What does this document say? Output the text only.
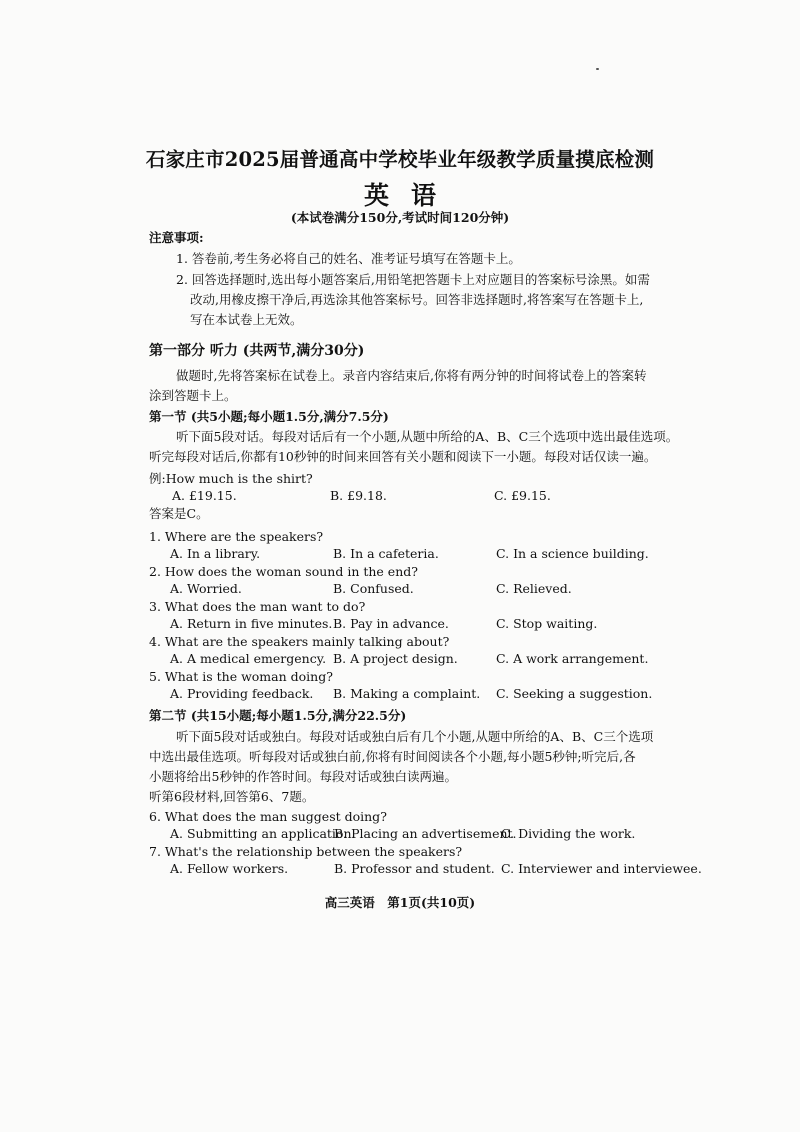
石家庄市2025届普通高中学校毕业年级教学质量摸底检测
英语
(本试卷满分150分,考试时间120分钟)
注意事项:
1. 答卷前,考生务必将自己的姓名、准考证号填写在答题卡上。
2. 回答选择题时,选出每小题答案后,用铅笔把答题卡上对应题目的答案标号涂黑。如需
改动,用橡皮擦干净后,再选涂其他答案标号。回答非选择题时,将答案写在答题卡上,
写在本试卷上无效。
第一部分 听力 (共两节,满分30分)
做题时,先将答案标在试卷上。录音内容结束后,你将有两分钟的时间将试卷上的答案转
涂到答题卡上。
第一节 (共5小题;每小题1.5分,满分7.5分)
听下面5段对话。每段对话后有一个小题,从题中所给的A、B、C三个选项中选出最佳选项。
听完每段对话后,你都有10秒钟的时间来回答有关小题和阅读下一小题。每段对话仅读一遍。
例:How much is the shirt?
A. £19.15.	B. £9.18.	C. £9.15.
答案是C。
1. Where are the speakers?
A. In a library.	B. In a cafeteria.	C. In a science building.
2. How does the woman sound in the end?
A. Worried.	B. Confused.	C. Relieved.
3. What does the man want to do?
A. Return in five minutes. B. Pay in advance.	C. Stop waiting.
4. What are the speakers mainly talking about?
A. A medical emergency. B. A project design.	C. A work arrangement.
5. What is the woman doing?
A. Providing feedback. B. Making a complaint. C. Seeking a suggestion.
第二节 (共15小题;每小题1.5分,满分22.5分)
听下面5段对话或独白。每段对话或独白后有几个小题,从题中所给的A、B、C三个选项
中选出最佳选项。听每段对话或独白前,你将有时间阅读各个小题,每小题5秒钟;听完后,各
小题将给出5秒钟的作答时间。每段对话或独白读两遍。
听第6段材料,回答第6、7题。
6. What does the man suggest doing?
A. Submitting an application.
B. Placing an advertisement.
C. Dividing the work.
7. What's the relationship between the speakers?
A. Fellow workers.	B. Professor and student. C. Interviewer and interviewee.
高三英语　第1页(共10页)
